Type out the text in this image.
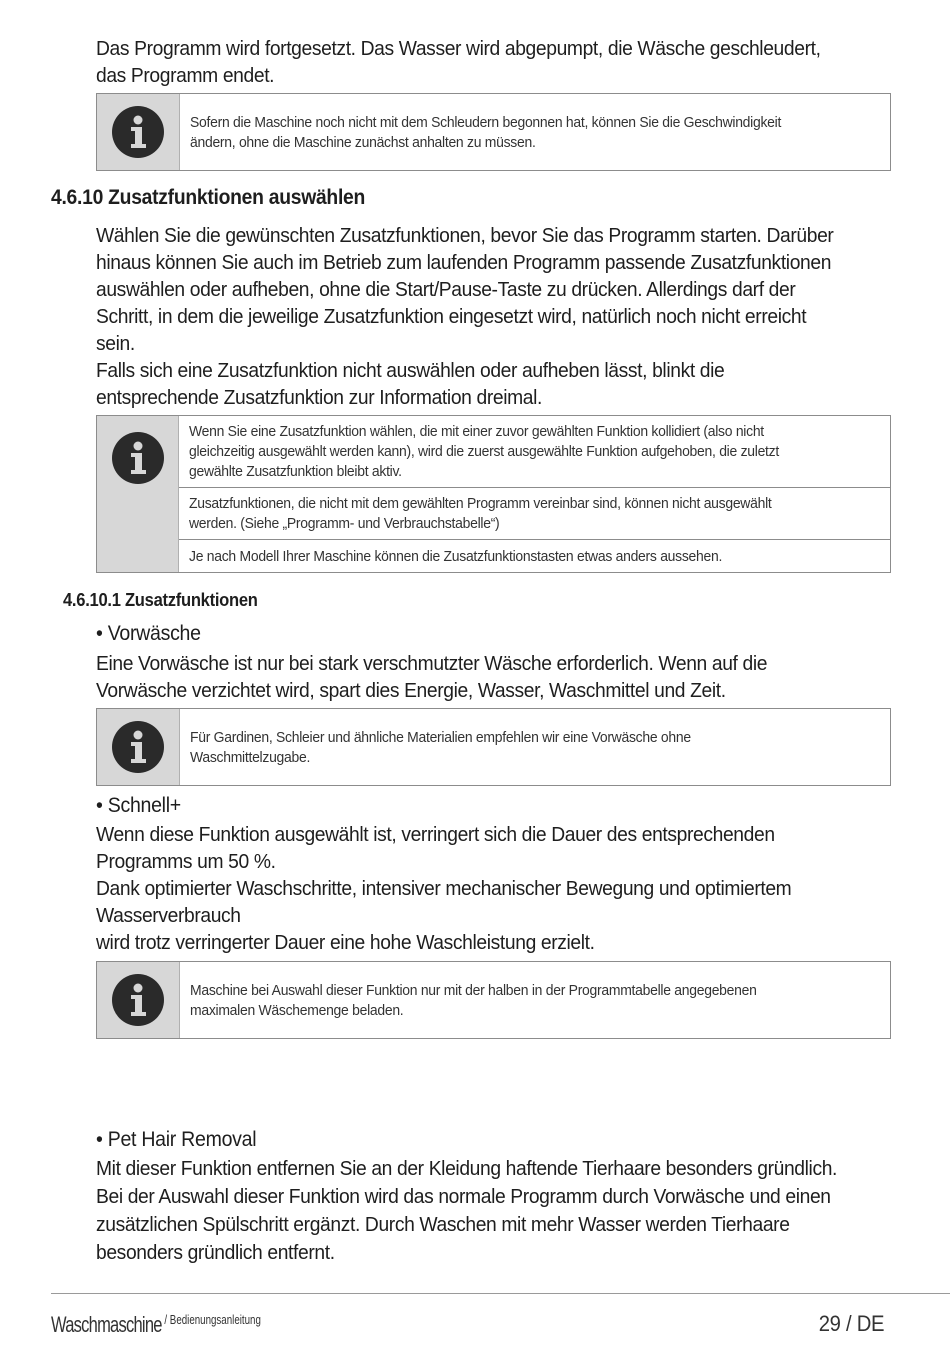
Das Programm wird fortgesetzt. Das Wasser wird abgepumpt, die Wäsche geschleudert,
das Programm endet.

Sofern die Maschine noch nicht mit dem Schleudern begonnen hat, können Sie die Geschwindigkeit
ändern, ohne die Maschine zunächst anhalten zu müssen.
4.6.10 Zusatzfunktionen auswählen

Wählen Sie die gewünschten Zusatzfunktionen, bevor Sie das Programm starten. Darüber
hinaus können Sie auch im Betrieb zum laufenden Programm passende Zusatzfunktionen
auswählen oder aufheben, ohne die Start/Pause-Taste zu drücken. Allerdings darf der
Schritt, in dem die jeweilige Zusatzfunktion eingesetzt wird, natürlich noch nicht erreicht
sein.
Falls sich eine Zusatzfunktion nicht auswählen oder aufheben lässt, blinkt die
entsprechende Zusatzfunktion zur Information dreimal.

Wenn Sie eine Zusatzfunktion wählen, die mit einer zuvor gewählten Funktion kollidiert (also nicht
gleichzeitig ausgewählt werden kann), wird die zuerst ausgewählte Funktion aufgehoben, die zuletzt
gewählte Zusatzfunktion bleibt aktiv.
Zusatzfunktionen, die nicht mit dem gewählten Programm vereinbar sind, können nicht ausgewählt
werden. (Siehe „Programm- und Verbrauchstabelle“)
Je nach Modell Ihrer Maschine können die Zusatzfunktionstasten etwas anders aussehen.
4.6.10.1 Zusatzfunktionen
• Vorwäsche

Eine Vorwäsche ist nur bei stark verschmutzter Wäsche erforderlich. Wenn auf die
Vorwäsche verzichtet wird, spart dies Energie, Wasser, Waschmittel und Zeit.

Für Gardinen, Schleier und ähnliche Materialien empfehlen wir eine Vorwäsche ohne
Waschmittelzugabe.
• Schnell+

Wenn diese Funktion ausgewählt ist, verringert sich die Dauer des entsprechenden
Programms um 50 %.
Dank optimierter Waschschritte, intensiver mechanischer Bewegung und optimiertem
Wasserverbrauch
wird trotz verringerter Dauer eine hohe Waschleistung erzielt.

Maschine bei Auswahl dieser Funktion nur mit der halben in der Programmtabelle angegebenen
maximalen Wäschemenge beladen.
• Pet Hair Removal

Mit dieser Funktion entfernen Sie an der Kleidung haftende Tierhaare besonders gründlich.
Bei der Auswahl dieser Funktion wird das normale Programm durch Vorwäsche und einen
zusätzlichen Spülschritt ergänzt. Durch Waschen mit mehr Wasser werden Tierhaare
besonders gründlich entfernt.

Waschmaschine $^{/ Bedienungsanleitung}$	29 / DE
